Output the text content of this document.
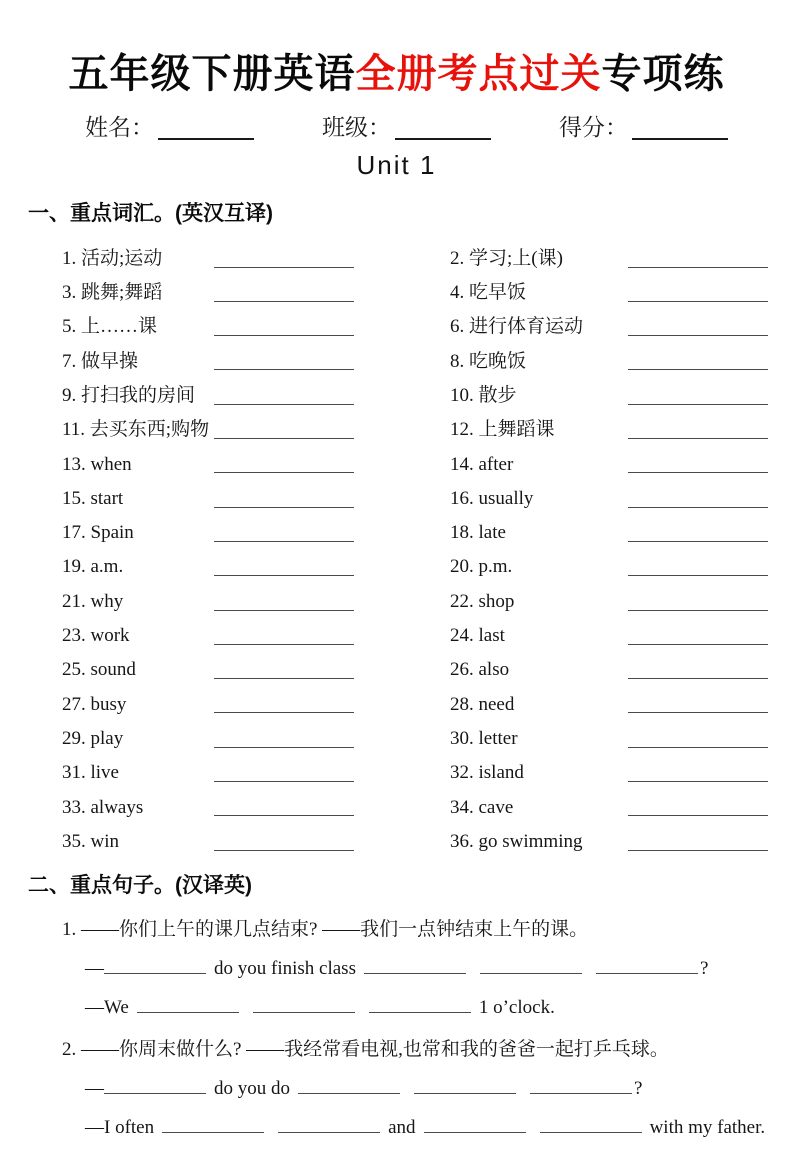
五年级下册英语全册考点过关专项练
姓名：	班级：	得分：
Unit 1
一、重点词汇。(英汉互译)
1. 活动;运动	2. 学习;上(课)
3. 跳舞;舞蹈	4. 吃早饭
5. 上……课	6. 进行体育运动
7. 做早操	8. 吃晚饭
9. 打扫我的房间	10. 散步
11. 去买东西;购物	12. 上舞蹈课
13. when	14. after
15. start	16. usually
17. Spain	18. late
19. a.m.	20. p.m.
21. why	22. shop
23. work	24. last
25. sound	26. also
27. busy	28. need
29. play	30. letter
31. live	32. island
33. always	34. cave
35. win	36. go swimming
二、重点句子。(汉译英)
1. ——你们上午的课几点结束? ——我们一点钟结束上午的课。
—	do you finish class	?
—We	1 o’clock.
2. ——你周末做什么? ——我经常看电视,也常和我的爸爸一起打乒乓球。
—	do you do	?
—I often	and	with my father.
